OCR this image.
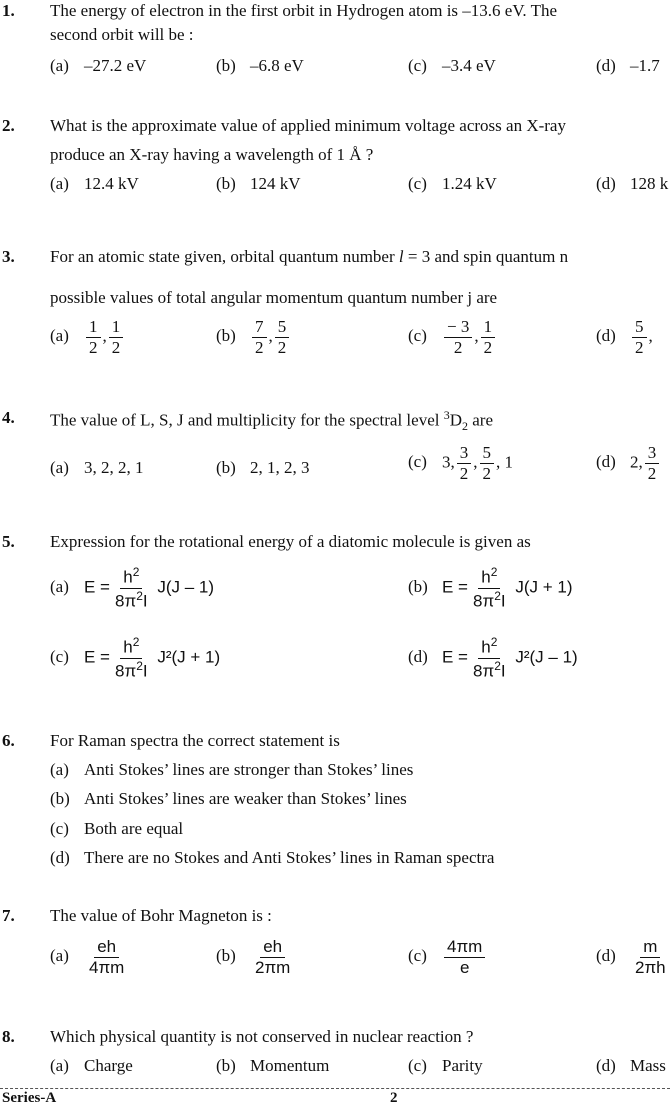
1. The energy of electron in the first orbit in Hydrogen atom is –13.6 eV. The
second orbit will be :
(a) –27.2 eV	(b) –6.8 eV	(c) –3.4 eV	(d) –1.7
2. What is the approximate value of applied minimum voltage across an X-ray
produce an X-ray having a wavelength of 1 Å ?
(a) 12.4 kV	(b) 124 kV	(c) 1.24 kV	(d) 128 k
3. For an atomic state given, orbital quantum number l = 3 and spin quantum n
possible values of total angular momentum quantum number j are
$(a) \frac{1}{2}$ , $\frac{1}{2}$	$(b) \frac{7}{2}$ , $\frac{5}{2}$	$(c) \frac{- 3}{2}$ , $\frac{1}{2}$	$(d) \frac{5}{2}$ ,
4. The value of L, S, J and multiplicity for the spectral level $^3D_2$ are
(a) 3, 2, 2, 1	(b) 2, 1, 2, 3	(c) 3, $\frac{3}{2}$ , $\frac{5}{2}$ , 1	(d) 2, $\frac{3}{2}$
5. Expression for the rotational energy of a diatomic molecule is given as
(a) $E = \frac{h^2}{8\pi^2I} J(J - 1)$	(b) $E = \frac{h^2}{8\pi^2I} J(J + 1)$
(c) $E = \frac{h^2}{8\pi^2I} J^2(J + 1)$	(d) $E = \frac{h^2}{8\pi^2I} J^2(J - 1)$
6. For Raman spectra the correct statement is
(a) Anti Stokes’ lines are stronger than Stokes’ lines
(b) Anti Stokes’ lines are weaker than Stokes’ lines
(c) Both are equal
(d) There are no Stokes and Anti Stokes’ lines in Raman spectra
7. The value of Bohr Magneton is :
$(a) \frac{eh}{4\pi m}$	$(b) \frac{eh}{2\pi m}$	$(c) \frac{4\pi m}{e}$	$(d) \frac{m}{2\pi h}$
8. Which physical quantity is not conserved in nuclear reaction ?
(a) Charge	(b) Momentum	(c) Parity	(d) Mass
Series-A	2
